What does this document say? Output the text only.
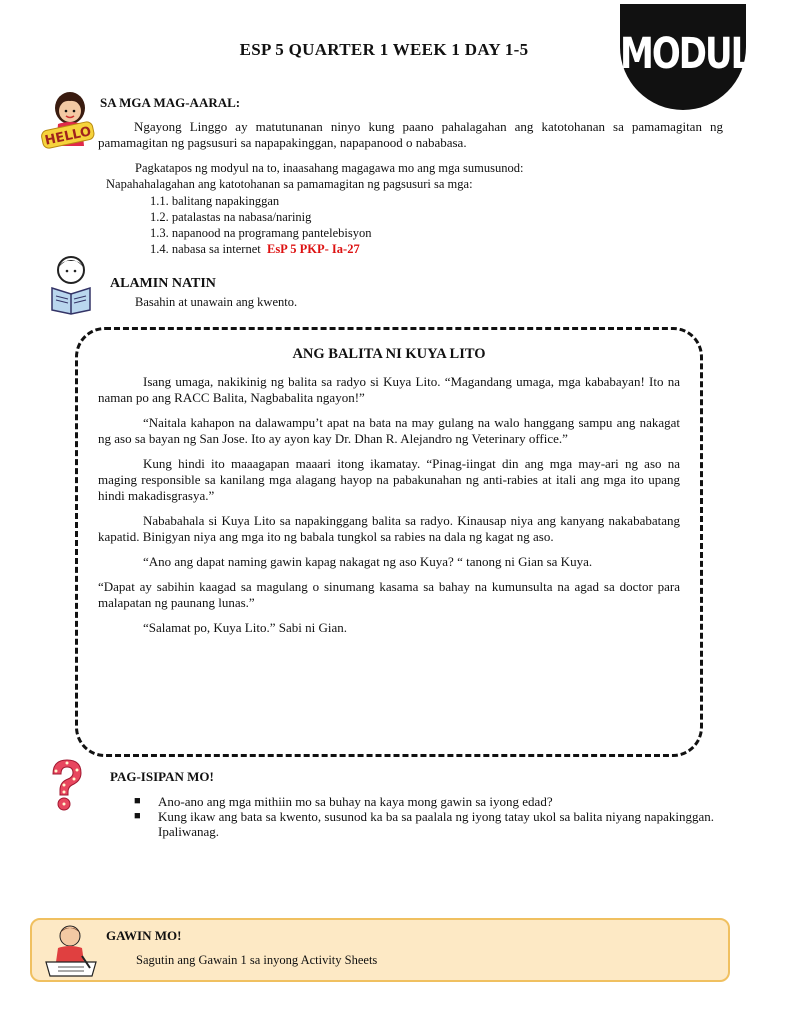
MODULES
ESP 5 QUARTER 1 WEEK 1 DAY 1-5
HELLO
SA MGA MAG-AARAL:

Ngayong Linggo ay matutunanan ninyo kung paano pahalagahan ang katotohanan sa pamamagitan ng pamamagitan ng pagsusuri sa napapakinggan, napapanood o nababasa.

Pagkatapos ng modyul na to, inaasahang magagawa mo ang mga sumusunod:
Napahahalagahan ang katotohanan sa pamamagitan ng pagsusuri sa mga:
1.1. balitang napakinggan
1.2. patalastas na nabasa/narinig
1.3. napanood na programang pantelebisyon
1.4. nabasa sa internet EsP 5 PKP- Ia-27
ALAMIN NATIN
Basahin at unawain ang kwento.
ANG BALITA NI KUYA LITO

Isang umaga, nakikinig ng balita sa radyo si Kuya Lito. “Magandang umaga, mga kababayan! Ito na naman po ang RACC Balita, Nagbabalita ngayon!”

“Naitala kahapon na dalawampu’t apat na bata na may gulang na walo hanggang sampu ang nakagat ng aso sa bayan ng San Jose. Ito ay ayon kay Dr. Dhan R. Alejandro ng Veterinary office.”

Kung hindi ito maaagapan maaari itong ikamatay. “Pinag-iingat din ang mga may-ari ng aso na maging responsible sa kanilang mga alagang hayop na pabakunahan ng anti-rabies at itali ang mga ito upang hindi makadisgrasya.”

Nababahala si Kuya Lito sa napakinggang balita sa radyo. Kinausap niya ang kanyang nakababatang kapatid. Binigyan niya ang mga ito ng babala tungkol sa rabies na dala ng kagat ng aso.

“Ano ang dapat naming gawin kapag nakagat ng aso Kuya? “ tanong ni Gian sa Kuya.

“Dapat ay sabihin kaagad sa magulang o sinumang kasama sa bahay na kumunsulta na agad sa doctor para malapatan ng paunang lunas.”

“Salamat po, Kuya Lito.” Sabi ni Gian.

PAG-ISIPAN MO!
■ Ano-ano ang mga mithiin mo sa buhay na kaya mong gawin sa iyong edad?
■ Kung ikaw ang bata sa kwento, susunod ka ba sa paalala ng iyong tatay ukol sa balita niyang napakinggan. Ipaliwanag.
GAWIN MO!
Sagutin ang Gawain 1 sa inyong Activity Sheets
